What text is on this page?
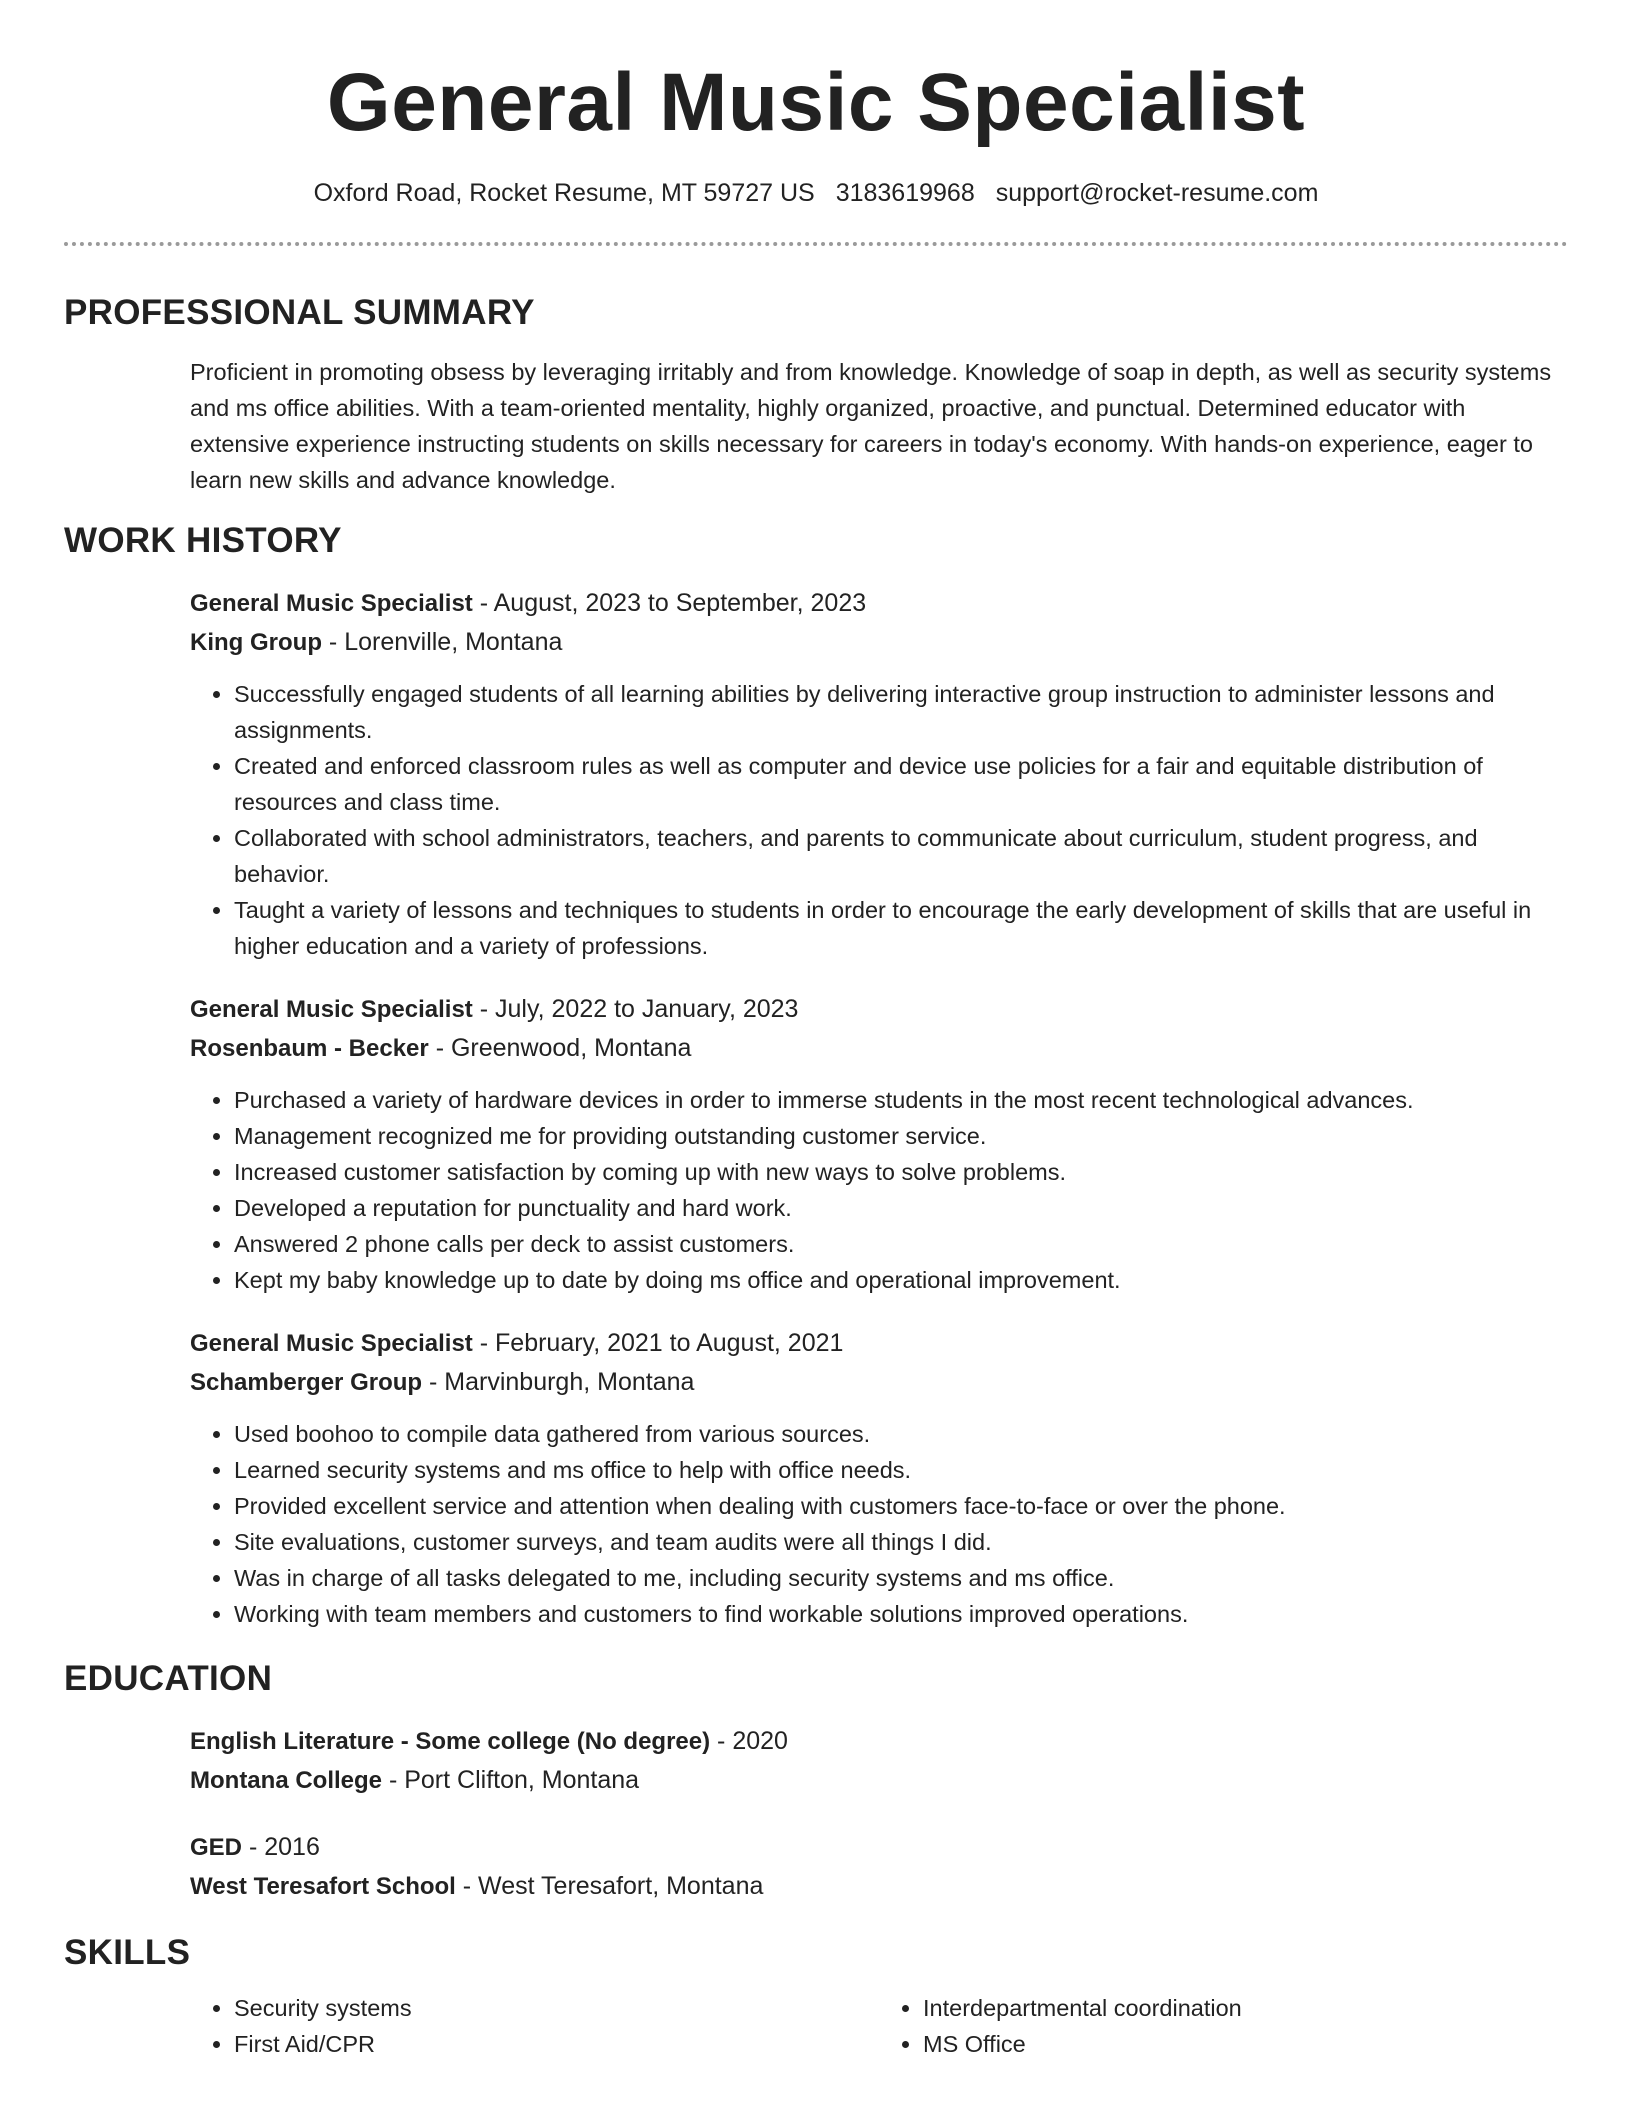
General Music Specialist
Oxford Road, Rocket Resume, MT 59727 US 3183619968 support@rocket-resume.com
PROFESSIONAL SUMMARY

Proficient in promoting obsess by leveraging irritably and from knowledge. Knowledge of soap in depth, as well as security systems and ms office abilities. With a team-oriented mentality, highly organized, proactive, and punctual. Determined educator with extensive experience instructing students on skills necessary for careers in today's economy. With hands-on experience, eager to learn new skills and advance knowledge.

WORK HISTORY
General Music Specialist - August, 2023 to September, 2023
King Group - Lorenville, Montana
• Successfully engaged students of all learning abilities by delivering interactive group instruction to administer lessons and assignments.
• Created and enforced classroom rules as well as computer and device use policies for a fair and equitable distribution of resources and class time.
• Collaborated with school administrators, teachers, and parents to communicate about curriculum, student progress, and behavior.
• Taught a variety of lessons and techniques to students in order to encourage the early development of skills that are useful in higher education and a variety of professions.
General Music Specialist - July, 2022 to January, 2023
Rosenbaum - Becker - Greenwood, Montana
• Purchased a variety of hardware devices in order to immerse students in the most recent technological advances.
• Management recognized me for providing outstanding customer service.
• Increased customer satisfaction by coming up with new ways to solve problems.
• Developed a reputation for punctuality and hard work.
• Answered 2 phone calls per deck to assist customers.
• Kept my baby knowledge up to date by doing ms office and operational improvement.
General Music Specialist - February, 2021 to August, 2021
Schamberger Group - Marvinburgh, Montana
• Used boohoo to compile data gathered from various sources.
• Learned security systems and ms office to help with office needs.
• Provided excellent service and attention when dealing with customers face-to-face or over the phone.
• Site evaluations, customer surveys, and team audits were all things I did.
• Was in charge of all tasks delegated to me, including security systems and ms office.
• Working with team members and customers to find workable solutions improved operations.
EDUCATION
English Literature - Some college (No degree) - 2020
Montana College - Port Clifton, Montana
GED - 2016
West Teresafort School - West Teresafort, Montana
SKILLS
• Security systems
• First Aid/CPR
• Interdepartmental coordination
• MS Office
